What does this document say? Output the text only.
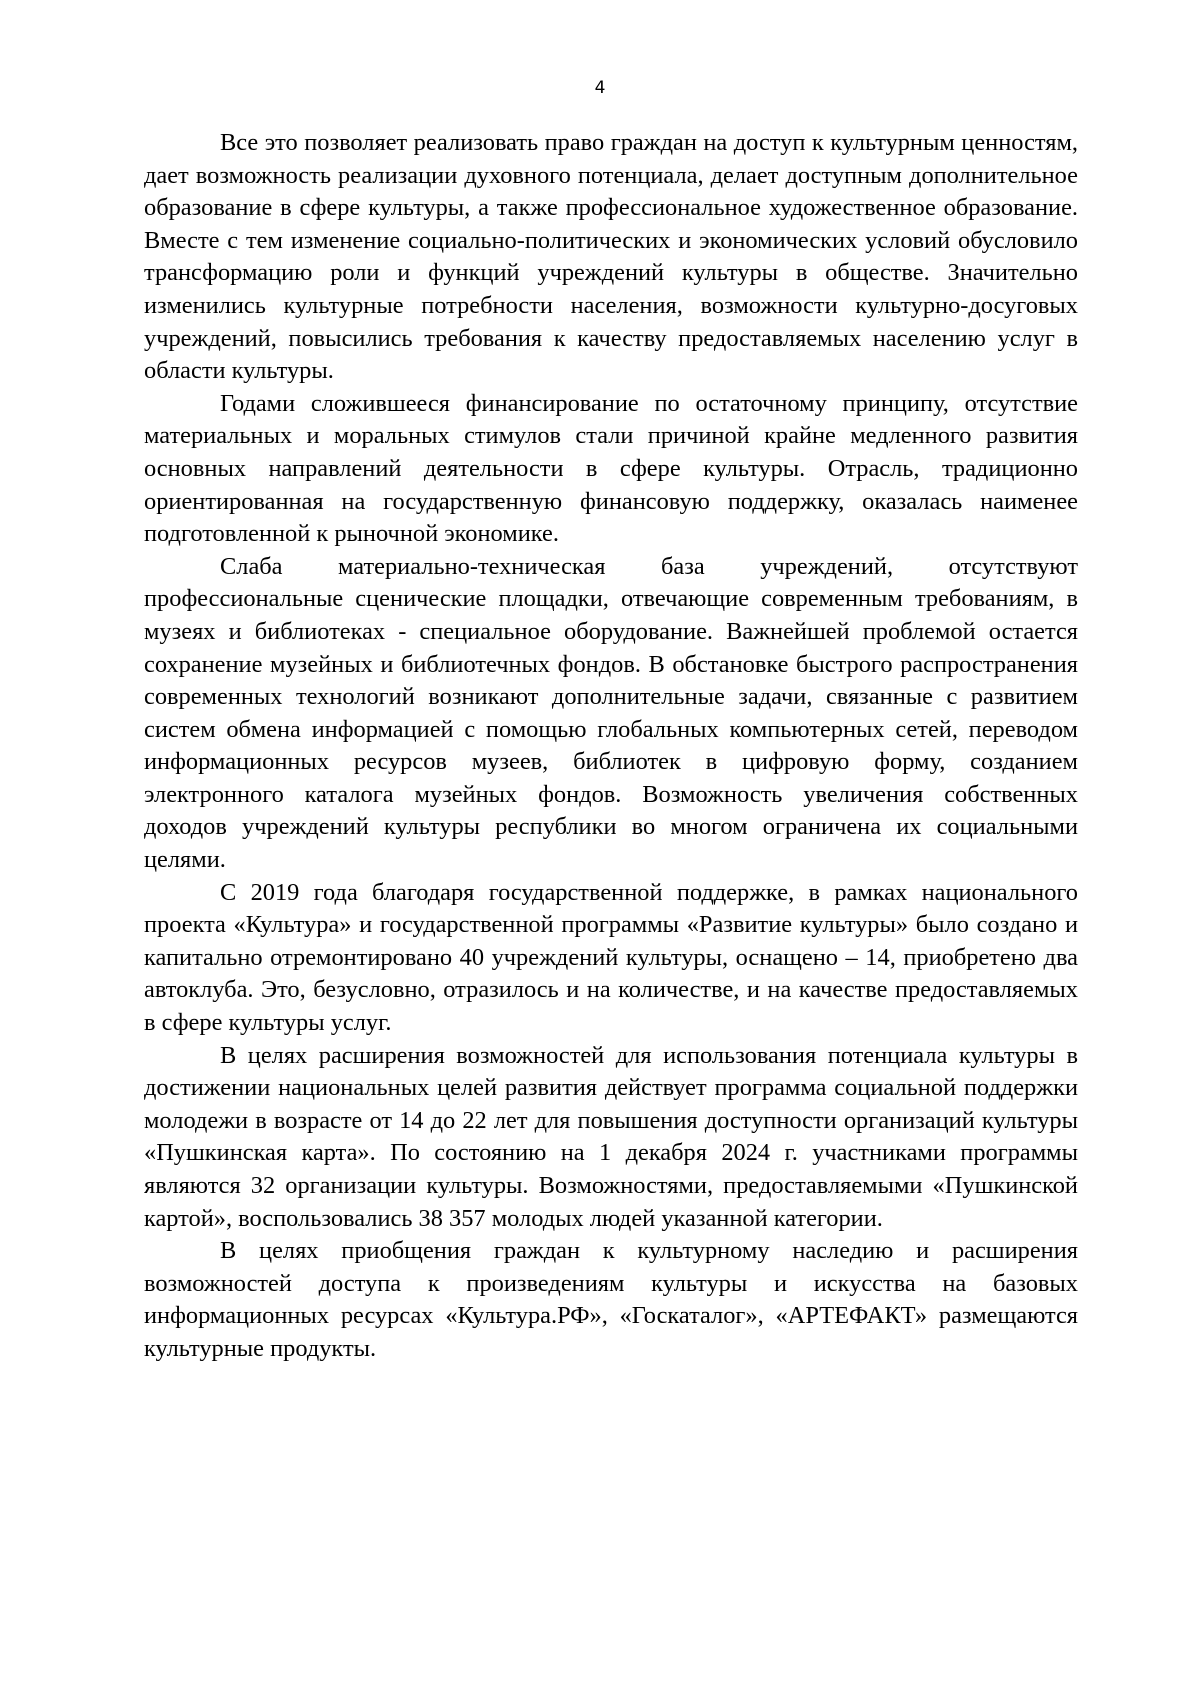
4

Все это позволяет реализовать право граждан на доступ к культурным ценностям, дает возможность реализации духовного потенциала, делает доступным дополнительное образование в сфере культуры, а также профессиональное художественное образование. Вместе с тем изменение социально-политических и экономических условий обусловило трансформацию роли и функций учреждений культуры в обществе. Значительно изменились культурные потребности населения, возможности культурно-досуговых учреждений, повысились требования к качеству предоставляемых населению услуг в области культуры.

Годами сложившееся финансирование по остаточному принципу, отсутствие материальных и моральных стимулов стали причиной крайне медленного развития основных направлений деятельности в сфере культуры. Отрасль, традиционно ориентированная на государственную финансовую поддержку, оказалась наименее подготовленной к рыночной экономике.

Слаба материально-техническая база учреждений, отсутствуют профессиональные сценические площадки, отвечающие современным требованиям, в музеях и библиотеках - специальное оборудование. Важнейшей проблемой остается сохранение музейных и библиотечных фондов. В обстановке быстрого распространения современных технологий возникают дополнительные задачи, связанные с развитием систем обмена информацией с помощью глобальных компьютерных сетей, переводом информационных ресурсов музеев, библиотек в цифровую форму, созданием электронного каталога музейных фондов. Возможность увеличения собственных доходов учреждений культуры республики во многом ограничена их социальными целями.

С 2019 года благодаря государственной поддержке, в рамках национального проекта «Культура» и государственной программы «Развитие культуры» было создано и капитально отремонтировано 40 учреждений культуры, оснащено – 14, приобретено два автоклуба. Это, безусловно, отразилось и на количестве, и на качестве предоставляемых в сфере культуры услуг.

В целях расширения возможностей для использования потенциала культуры в достижении национальных целей развития действует программа социальной поддержки молодежи в возрасте от 14 до 22 лет для повышения доступности организаций культуры «Пушкинская карта». По состоянию на 1 декабря 2024 г. участниками программы являются 32 организации культуры. Возможностями, предоставляемыми «Пушкинской картой», воспользовались 38 357 молодых людей указанной категории.

В целях приобщения граждан к культурному наследию и расширения возможностей доступа к произведениям культуры и искусства на базовых информационных ресурсах «Культура.РФ», «Госкаталог», «АРТЕФАКТ» размещаются культурные продукты.
